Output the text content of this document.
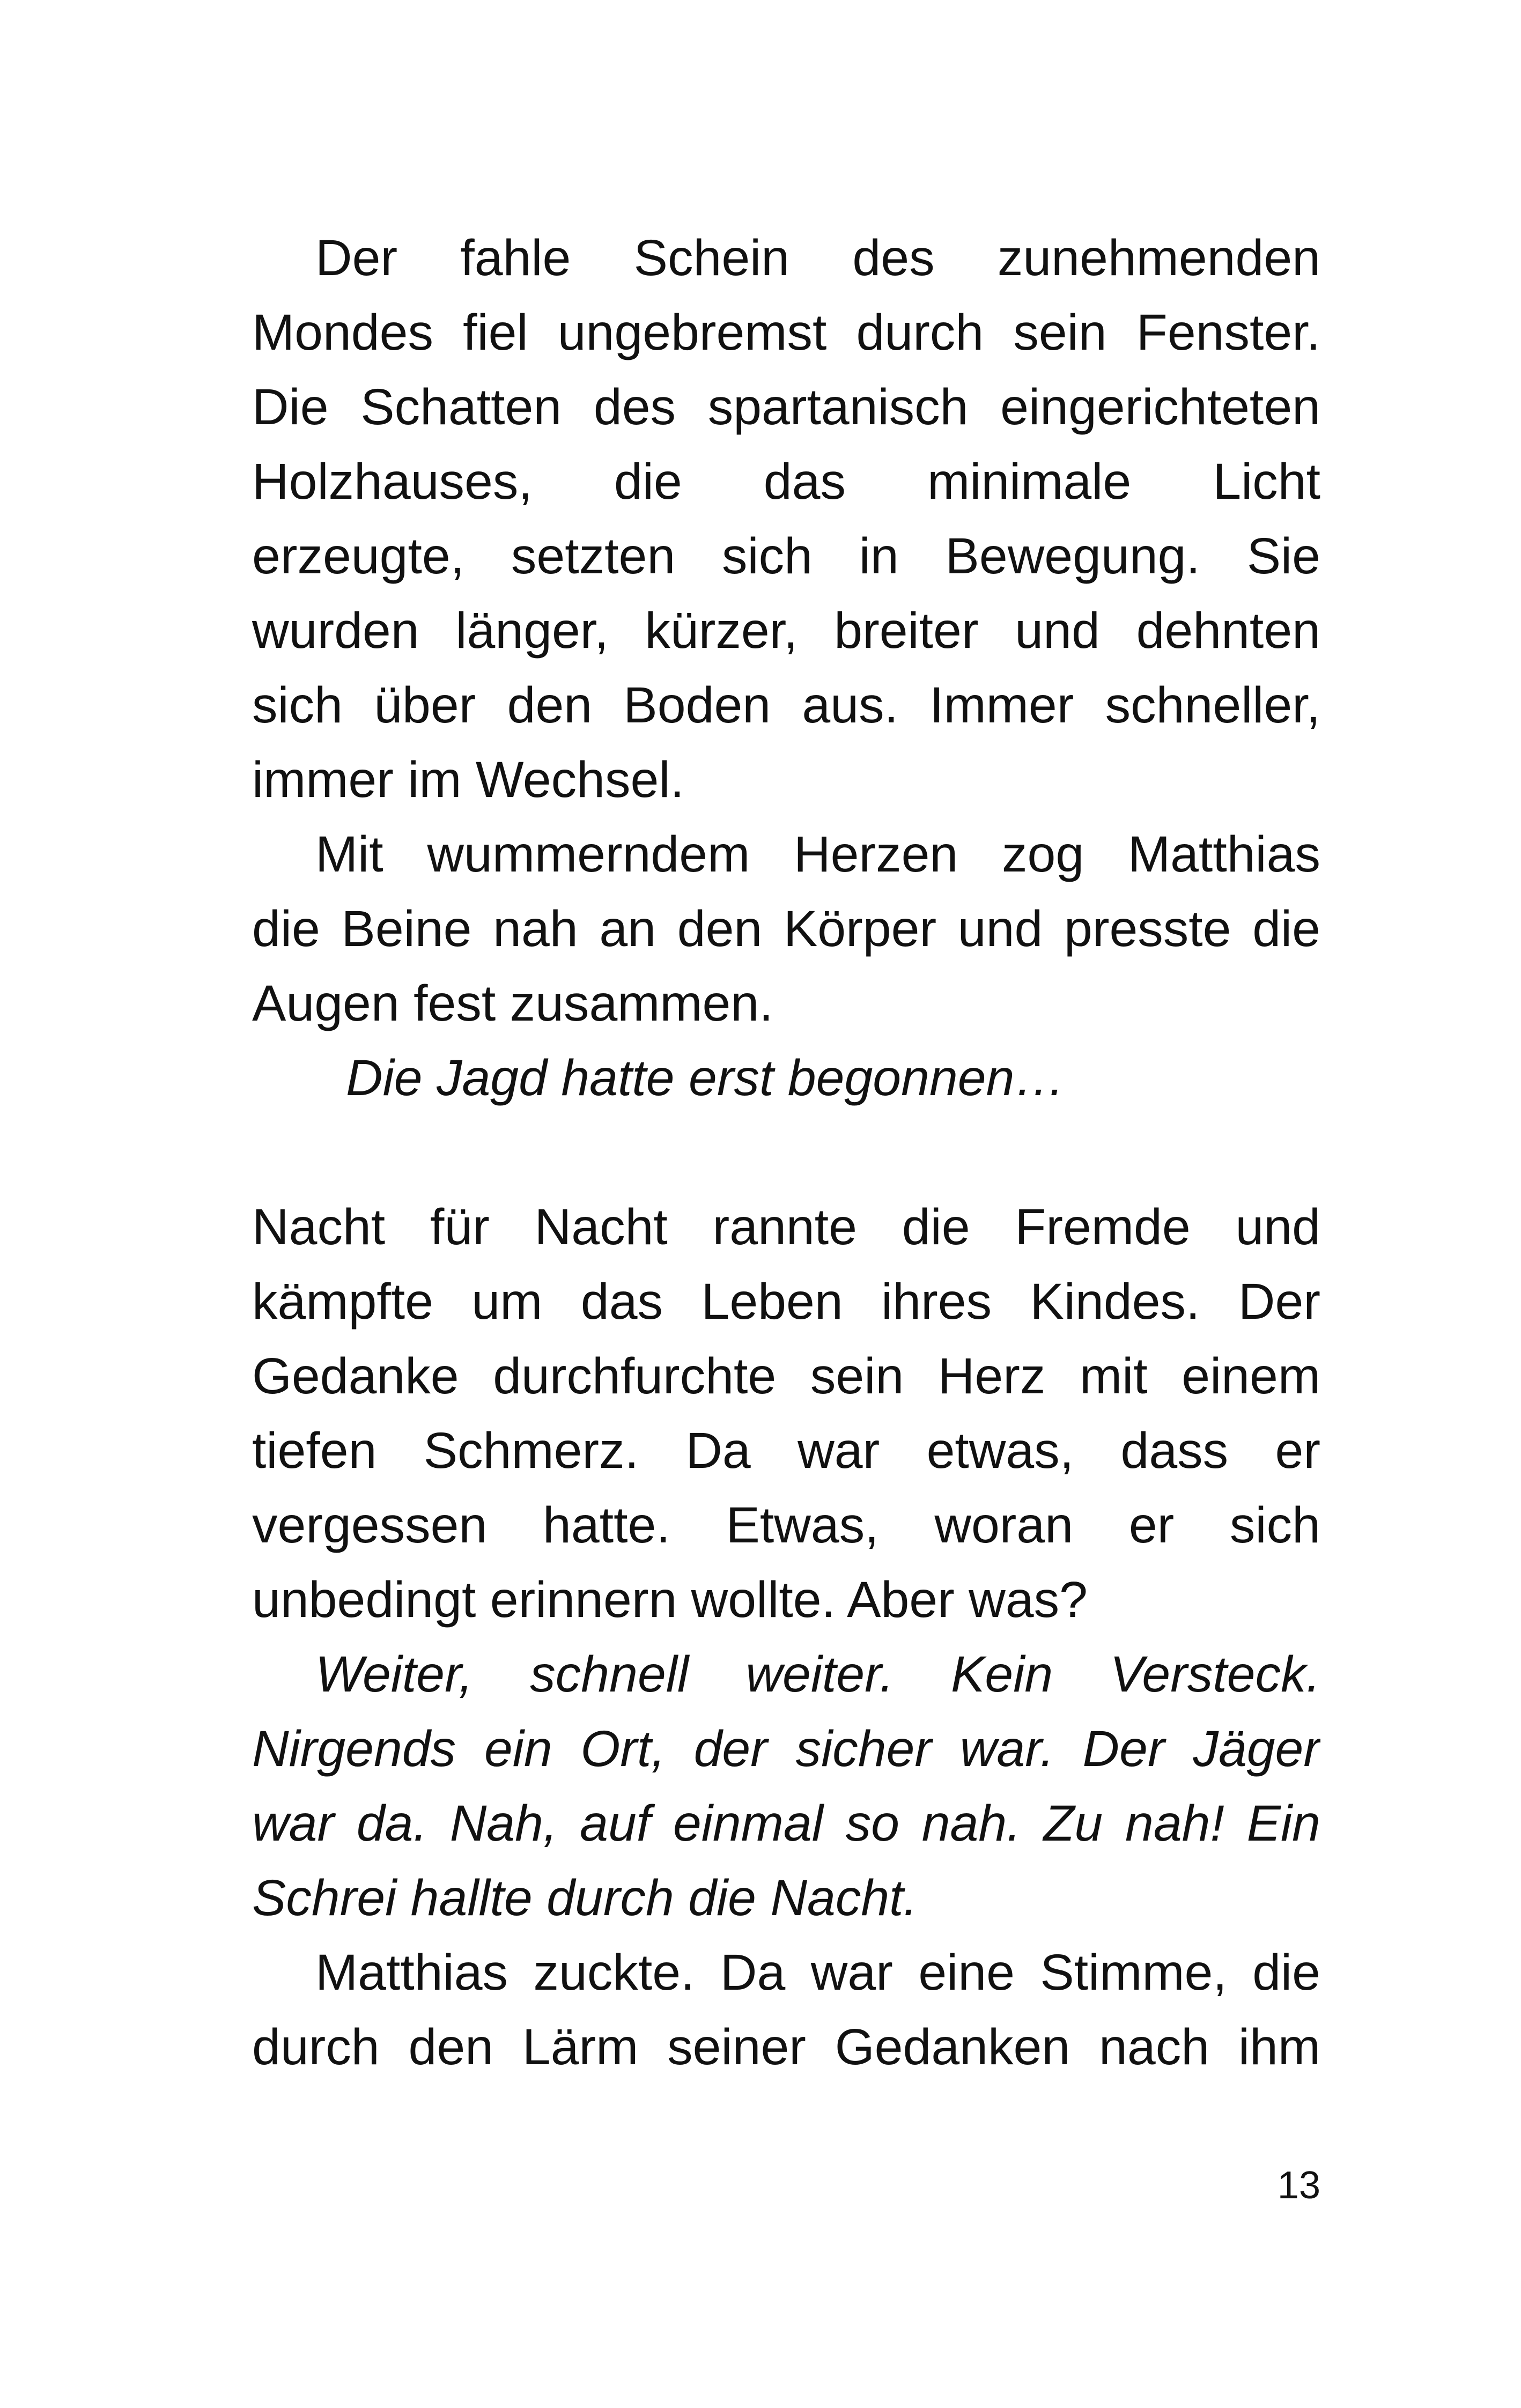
Der fahle Schein des zunehmenden
Mondes fiel ungebremst durch sein Fenster.
Die Schatten des spartanisch eingerichteten
Holzhauses, die das minimale Licht
erzeugte, setzten sich in Bewegung. Sie
wurden länger, kürzer, breiter und dehnten
sich über den Boden aus. Immer schneller,
immer im Wechsel.
Mit wummerndem Herzen zog Matthias
die Beine nah an den Körper und presste die
Augen fest zusammen.
Die Jagd hatte erst begonnen…
Nacht für Nacht rannte die Fremde und
kämpfte um das Leben ihres Kindes. Der
Gedanke durchfurchte sein Herz mit einem
tiefen Schmerz. Da war etwas, dass er
vergessen hatte. Etwas, woran er sich
unbedingt erinnern wollte. Aber was?
Weiter, schnell weiter. Kein Versteck.
Nirgends ein Ort, der sicher war. Der Jäger
war da. Nah, auf einmal so nah. Zu nah! Ein
Schrei hallte durch die Nacht.
Matthias zuckte. Da war eine Stimme, die
durch den Lärm seiner Gedanken nach ihm
13
